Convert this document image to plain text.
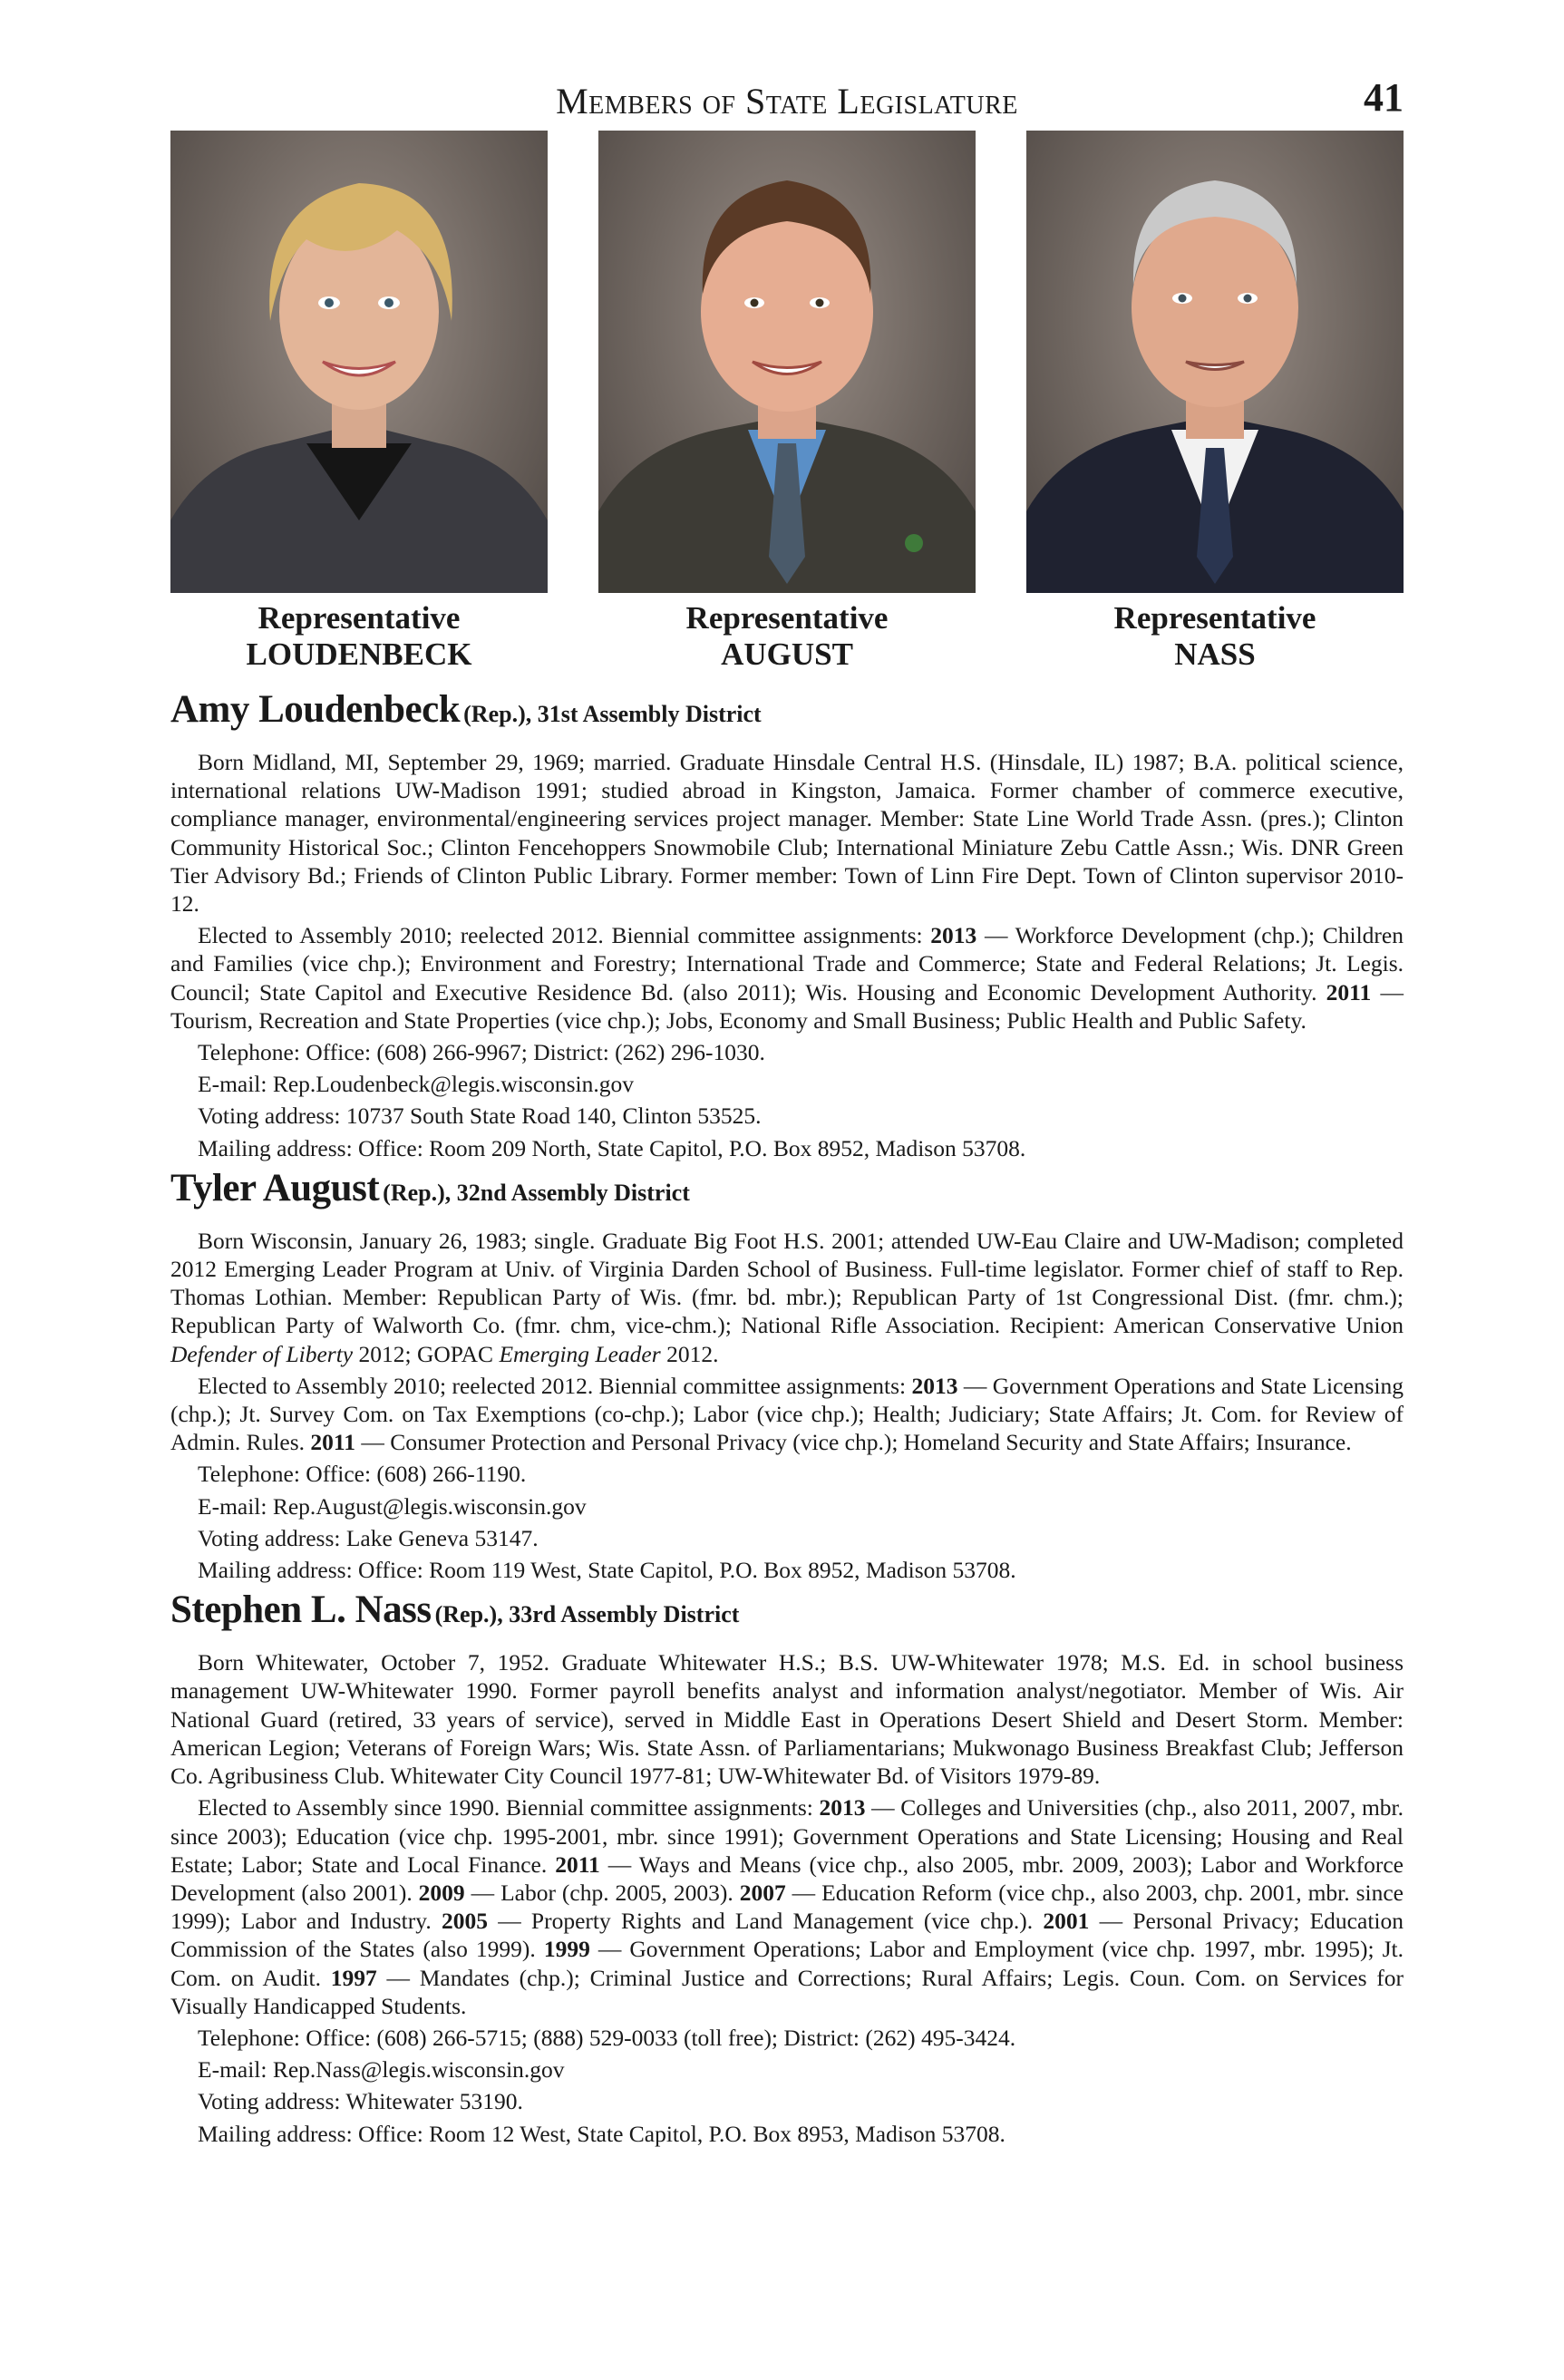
Members of State Legislature	41
Representative
LOUDENBECK
Representative
AUGUST
Representative
NASS
Amy Loudenbeck (Rep.), 31st Assembly District

Born Midland, MI, September 29, 1969; married. Graduate Hinsdale Central H.S. (Hinsdale, IL) 1987; B.A. political science, international relations UW-Madison 1991; studied abroad in Kingston, Jamaica. Former chamber of commerce executive, compliance manager, environmental/engineering services project manager. Member: State Line World Trade Assn. (pres.); Clinton Community Historical Soc.; Clinton Fencehoppers Snowmobile Club; International Miniature Zebu Cattle Assn.; Wis. DNR Green Tier Advisory Bd.; Friends of Clinton Public Library. Former member: Town of Linn Fire Dept. Town of Clinton supervisor 2010-12.

Elected to Assembly 2010; reelected 2012. Biennial committee assignments: 2013 — Workforce Development (chp.); Children and Families (vice chp.); Environment and Forestry; International Trade and Commerce; State and Federal Relations; Jt. Legis. Council; State Capitol and Executive Residence Bd. (also 2011); Wis. Housing and Economic Development Authority. 2011 — Tourism, Recreation and State Properties (vice chp.); Jobs, Economy and Small Business; Public Health and Public Safety.

Telephone: Office: (608) 266-9967; District: (262) 296-1030.

E-mail: Rep.Loudenbeck@legis.wisconsin.gov

Voting address: 10737 South State Road 140, Clinton 53525.

Mailing address: Office: Room 209 North, State Capitol, P.O. Box 8952, Madison 53708.

Tyler August (Rep.), 32nd Assembly District

Born Wisconsin, January 26, 1983; single. Graduate Big Foot H.S. 2001; attended UW-Eau Claire and UW-Madison; completed 2012 Emerging Leader Program at Univ. of Virginia Darden School of Business. Full-time legislator. Former chief of staff to Rep. Thomas Lothian. Member: Republican Party of Wis. (fmr. bd. mbr.); Republican Party of 1st Congressional Dist. (fmr. chm.); Republican Party of Walworth Co. (fmr. chm, vice-chm.); National Rifle Association. Recipient: American Conservative Union Defender of Liberty 2012; GOPAC Emerging Leader 2012.

Elected to Assembly 2010; reelected 2012. Biennial committee assignments: 2013 — Government Operations and State Licensing (chp.); Jt. Survey Com. on Tax Exemptions (co-chp.); Labor (vice chp.); Health; Judiciary; State Affairs; Jt. Com. for Review of Admin. Rules. 2011 — Consumer Protection and Personal Privacy (vice chp.); Homeland Security and State Affairs; Insurance.

Telephone: Office: (608) 266-1190.

E-mail: Rep.August@legis.wisconsin.gov

Voting address: Lake Geneva 53147.

Mailing address: Office: Room 119 West, State Capitol, P.O. Box 8952, Madison 53708.

Stephen L. Nass (Rep.), 33rd Assembly District

Born Whitewater, October 7, 1952. Graduate Whitewater H.S.; B.S. UW-Whitewater 1978; M.S. Ed. in school business management UW-Whitewater 1990. Former payroll benefits analyst and information analyst/negotiator. Member of Wis. Air National Guard (retired, 33 years of service), served in Middle East in Operations Desert Shield and Desert Storm. Member: American Legion; Veterans of Foreign Wars; Wis. State Assn. of Parliamentarians; Mukwonago Business Breakfast Club; Jefferson Co. Agribusiness Club. Whitewater City Council 1977-81; UW-Whitewater Bd. of Visitors 1979-89.

Elected to Assembly since 1990. Biennial committee assignments: 2013 — Colleges and Universities (chp., also 2011, 2007, mbr. since 2003); Education (vice chp. 1995-2001, mbr. since 1991); Government Operations and State Licensing; Housing and Real Estate; Labor; State and Local Finance. 2011 — Ways and Means (vice chp., also 2005, mbr. 2009, 2003); Labor and Workforce Development (also 2001). 2009 — Labor (chp. 2005, 2003). 2007 — Education Reform (vice chp., also 2003, chp. 2001, mbr. since 1999); Labor and Industry. 2005 — Property Rights and Land Management (vice chp.). 2001 — Personal Privacy; Education Commission of the States (also 1999). 1999 — Government Operations; Labor and Employment (vice chp. 1997, mbr. 1995); Jt. Com. on Audit. 1997 — Mandates (chp.); Criminal Justice and Corrections; Rural Affairs; Legis. Coun. Com. on Services for Visually Handicapped Students.

Telephone: Office: (608) 266-5715; (888) 529-0033 (toll free); District: (262) 495-3424.

E-mail: Rep.Nass@legis.wisconsin.gov

Voting address: Whitewater 53190.

Mailing address: Office: Room 12 West, State Capitol, P.O. Box 8953, Madison 53708.
